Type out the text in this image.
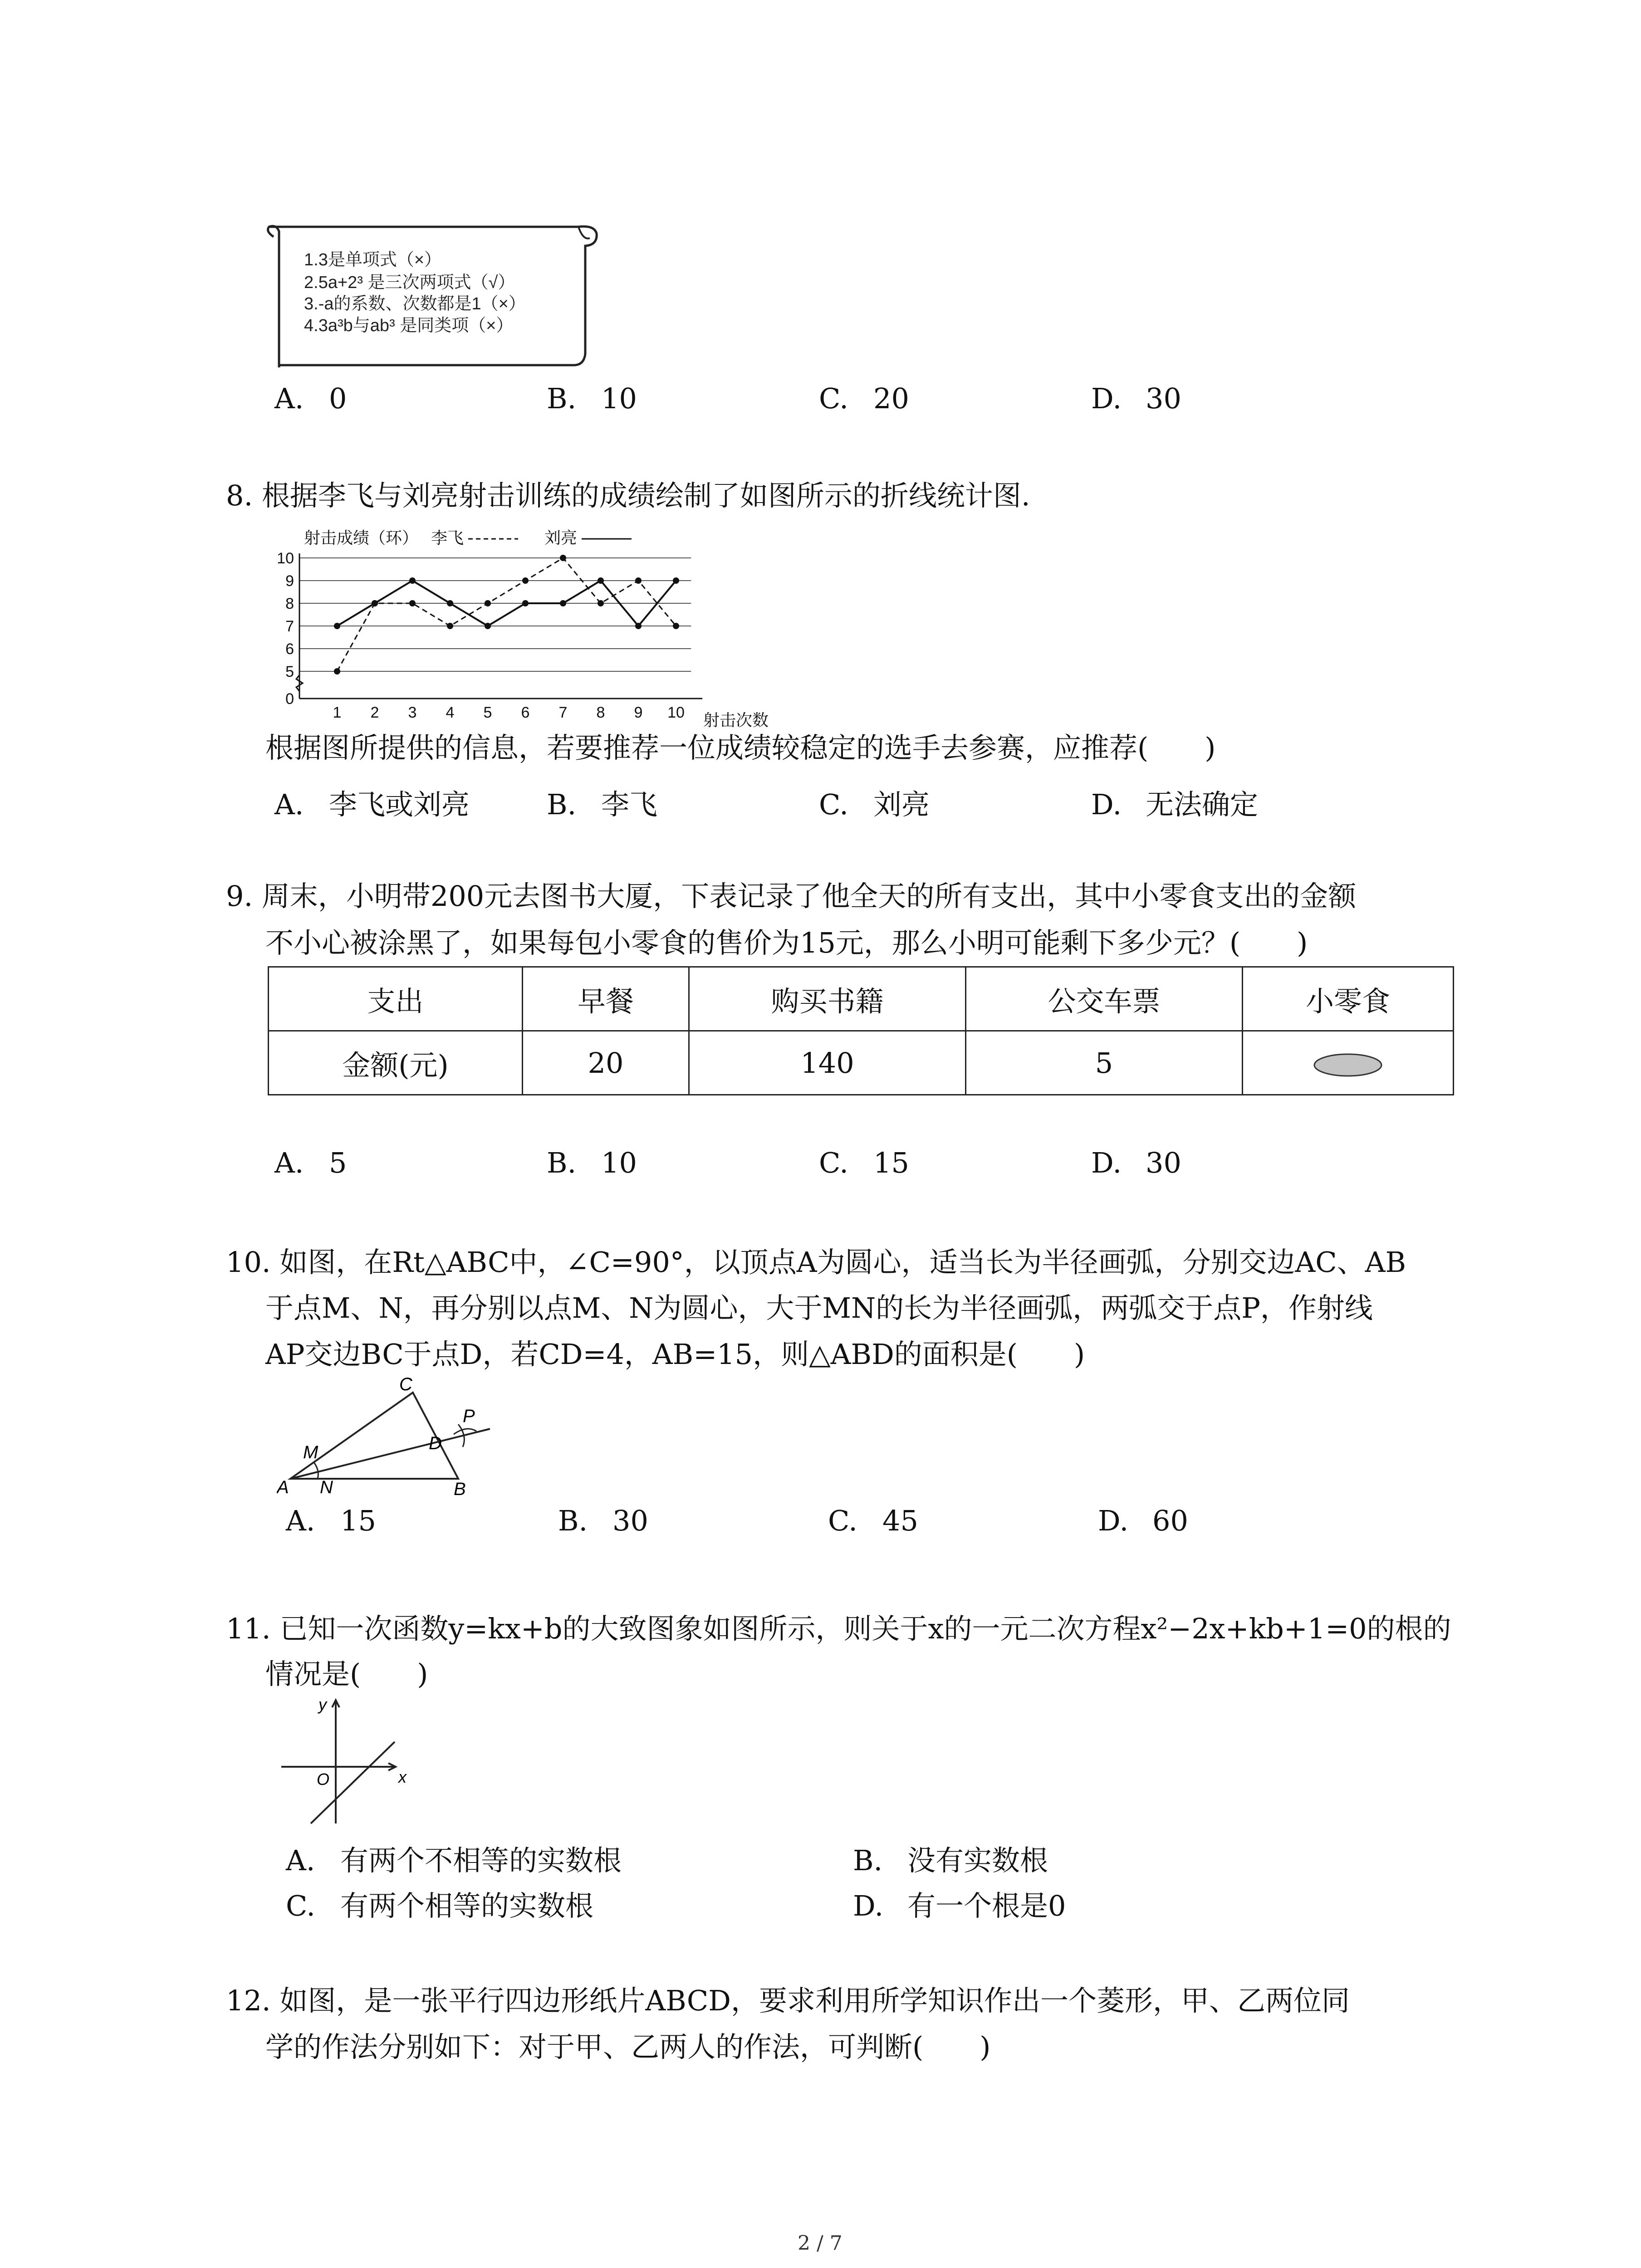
1.3是单项式（×）
2.5a+2³ 是三次两项式（√）
3.-a的系数、次数都是1（×）
4.3a³b与ab³ 是同类项（×）
A. 0	B. 10	C. 20	D. 30
8. 根据李飞与刘亮射击训练的成绩绘制了如图所示的折线统计图.
0
5
6
7
8
9
10
1 2 3 4 5 6 7 8 9 10
李飞	刘亮
射击成绩（环）
射击次数
根据图所提供的信息，若要推荐一位成绩较稳定的选手去参赛，应推荐(　　)
A. 李飞或刘亮	B. 李飞	C. 刘亮	D. 无法确定
9. 周末，小明带200元去图书大厦，下表记录了他全天的所有支出，其中小零食支出的金额
不小心被涂黑了，如果每包小零食的售价为15元，那么小明可能剩下多少元？(　　)
支出	早餐	购买书籍	公交车票	小零食
金额(元)	20	140	5	
A. 5	B. 10	C. 15	D. 30
10. 如图，在Rt△ABC中，∠C=90°，以顶点A为圆心，适当长为半径画弧，分别交边AC、AB
于点M、N，再分别以点M、N为圆心，大于MN的长为半径画弧，两弧交于点P，作射线
AP交边BC于点D，若CD=4，AB=15，则△ABD的面积是(　　)
C
M	D
P
A N	B
A. 15	B. 30	C. 45	D. 60
11. 已知一次函数y=kx+b的大致图象如图所示，则关于x的一元二次方程x²−2x+kb+1=0的根的
情况是(　　)
y
x
O
A. 有两个不相等的实数根	B. 没有实数根
C. 有两个相等的实数根	D. 有一个根是0
12. 如图，是一张平行四边形纸片ABCD，要求利用所学知识作出一个菱形，甲、乙两位同
学的作法分别如下：对于甲、乙两人的作法，可判断(　　)
2 / 7
